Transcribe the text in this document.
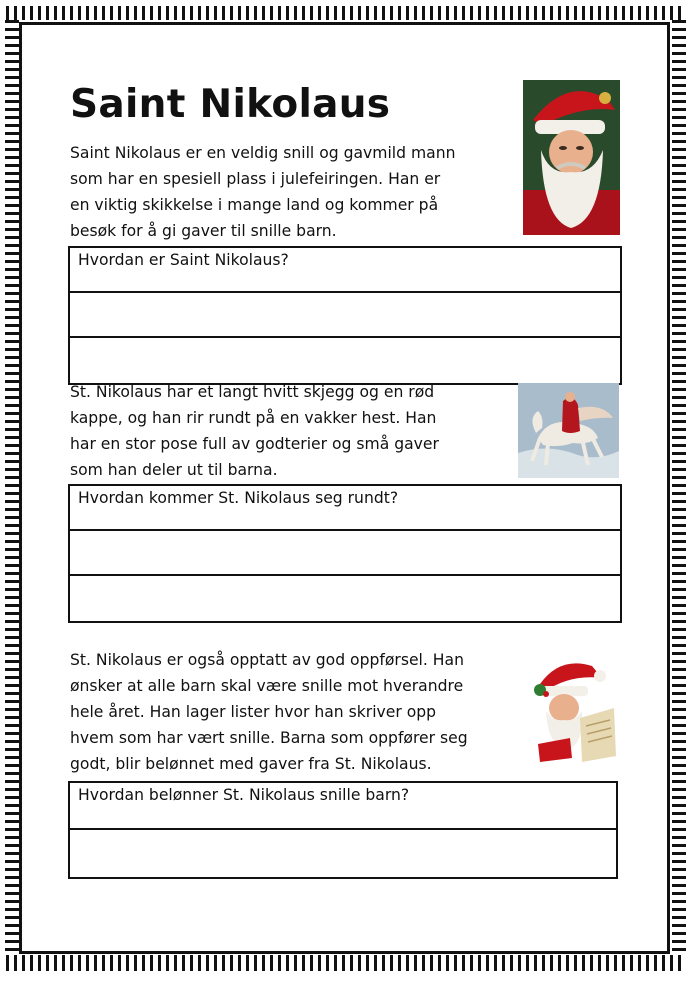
Saint Nikolaus
Saint Nikolaus er en veldig snill og gavmild mann
som har en spesiell plass i julefeiringen. Han er
en viktig skikkelse i mange land og kommer på
besøk for å gi gaver til snille barn.
Hvordan er Saint Nikolaus?
St. Nikolaus har et langt hvitt skjegg og en rød
kappe, og han rir rundt på en vakker hest. Han
har en stor pose full av godterier og små gaver
som han deler ut til barna.
Hvordan kommer St. Nikolaus seg rundt?
St. Nikolaus er også opptatt av god oppførsel. Han
ønsker at alle barn skal være snille mot hverandre
hele året. Han lager lister hvor han skriver opp
hvem som har vært snille. Barna som oppfører seg
godt, blir belønnet med gaver fra St. Nikolaus.
Hvordan belønner St. Nikolaus snille barn?
